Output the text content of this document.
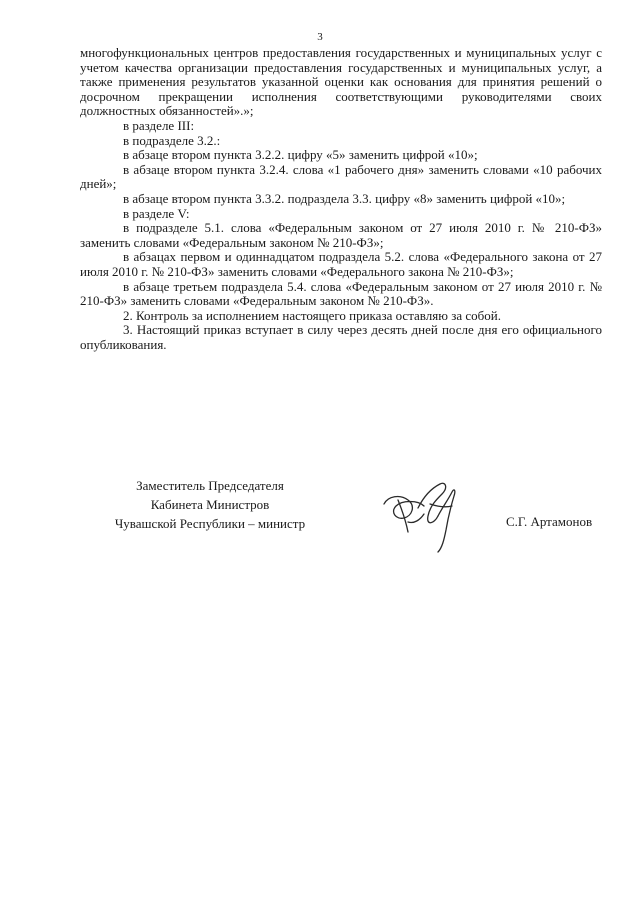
3

многофункциональных центров предоставления государственных и муниципальных услуг с учетом качества организации предоставления государственных и муниципальных услуг, а также применения результатов указанной оценки как основания для принятия решений о досрочном прекращении исполнения соответствующими руководителями своих должностных обязанностей».»;

в разделе III:

в подразделе 3.2.:

в абзаце втором пункта 3.2.2. цифру «5» заменить цифрой «10»;

в абзаце втором пункта 3.2.4. слова «1 рабочего дня» заменить словами «10 рабочих дней»;

в абзаце втором пункта 3.3.2. подраздела 3.3. цифру «8» заменить цифрой «10»;

в разделе V:

в подразделе 5.1. слова «Федеральным законом от 27 июля 2010 г. № 210-ФЗ» заменить словами «Федеральным законом № 210-ФЗ»;

в абзацах первом и одиннадцатом подраздела 5.2. слова «Федерального закона от 27 июля 2010 г. № 210-ФЗ» заменить словами «Федерального закона № 210-ФЗ»;

в абзаце третьем подраздела 5.4. слова «Федеральным законом от 27 июля 2010 г. № 210-ФЗ» заменить словами «Федеральным законом № 210-ФЗ».

2. Контроль за исполнением настоящего приказа оставляю за собой.

3. Настоящий приказ вступает в силу через десять дней после дня его официального опубликования.

Заместитель Председателя
Кабинета Министров
Чувашской Республики – министр	С.Г. Артамонов
